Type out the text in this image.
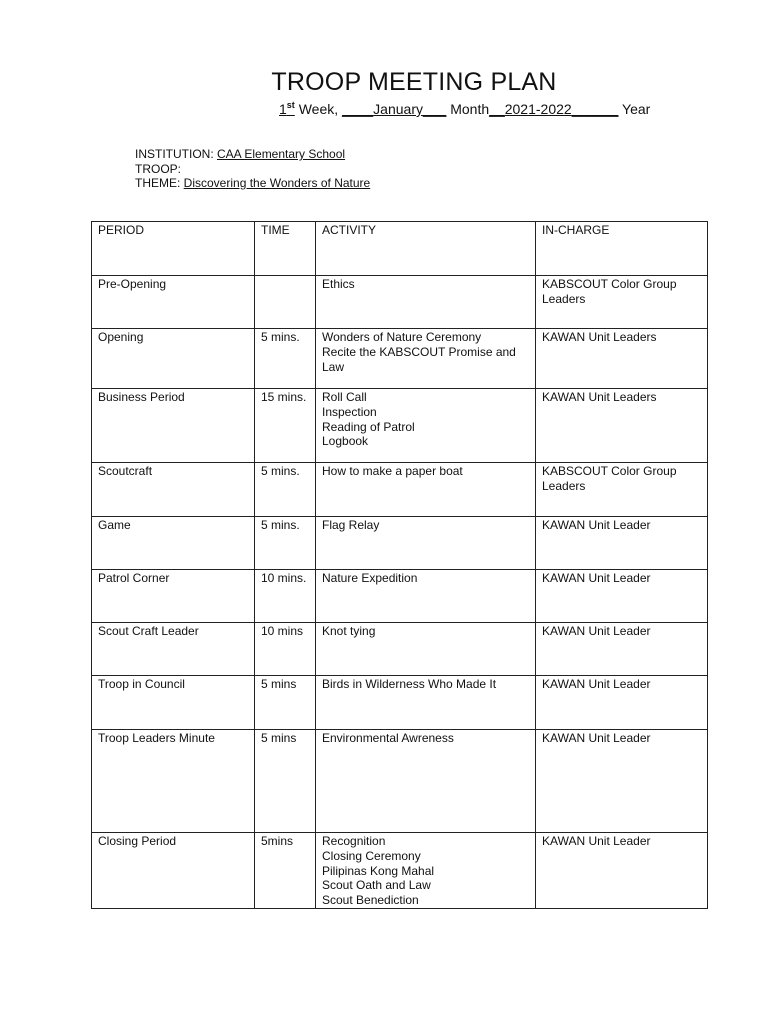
TROOP MEETING PLAN
1st Week, ____January___ Month__2021-2022______ Year
INSTITUTION: CAA Elementary School
TROOP:
THEME: Discovering the Wonders of Nature
PERIOD	TIME	ACTIVITY	IN-CHARGE
Pre-Opening		Ethics	KABSCOUT Color Group
Leaders

Opening	5 mins.	Wonders of Nature Ceremony
Recite the KABSCOUT Promise and
Law	KAWAN Unit Leaders

Business Period	15 mins.	Roll Call
Inspection
Reading of Patrol
Logbook	KAWAN Unit Leaders

Scoutcraft	5 mins.	How to make a paper boat	KABSCOUT Color Group
Leaders

Game	5 mins.	Flag Relay	KAWAN Unit Leader

Patrol Corner	10 mins.	Nature Expedition	KAWAN Unit Leader

Scout Craft Leader	10 mins	Knot tying	KAWAN Unit Leader

Troop in Council	5 mins	Birds in Wilderness Who Made It	KAWAN Unit Leader

Troop Leaders Minute	5 mins	Environmental Awreness	KAWAN Unit Leader

Closing Period	5mins	Recognition
Closing Ceremony
Pilipinas Kong Mahal
Scout Oath and Law
Scout Benediction	KAWAN Unit Leader
